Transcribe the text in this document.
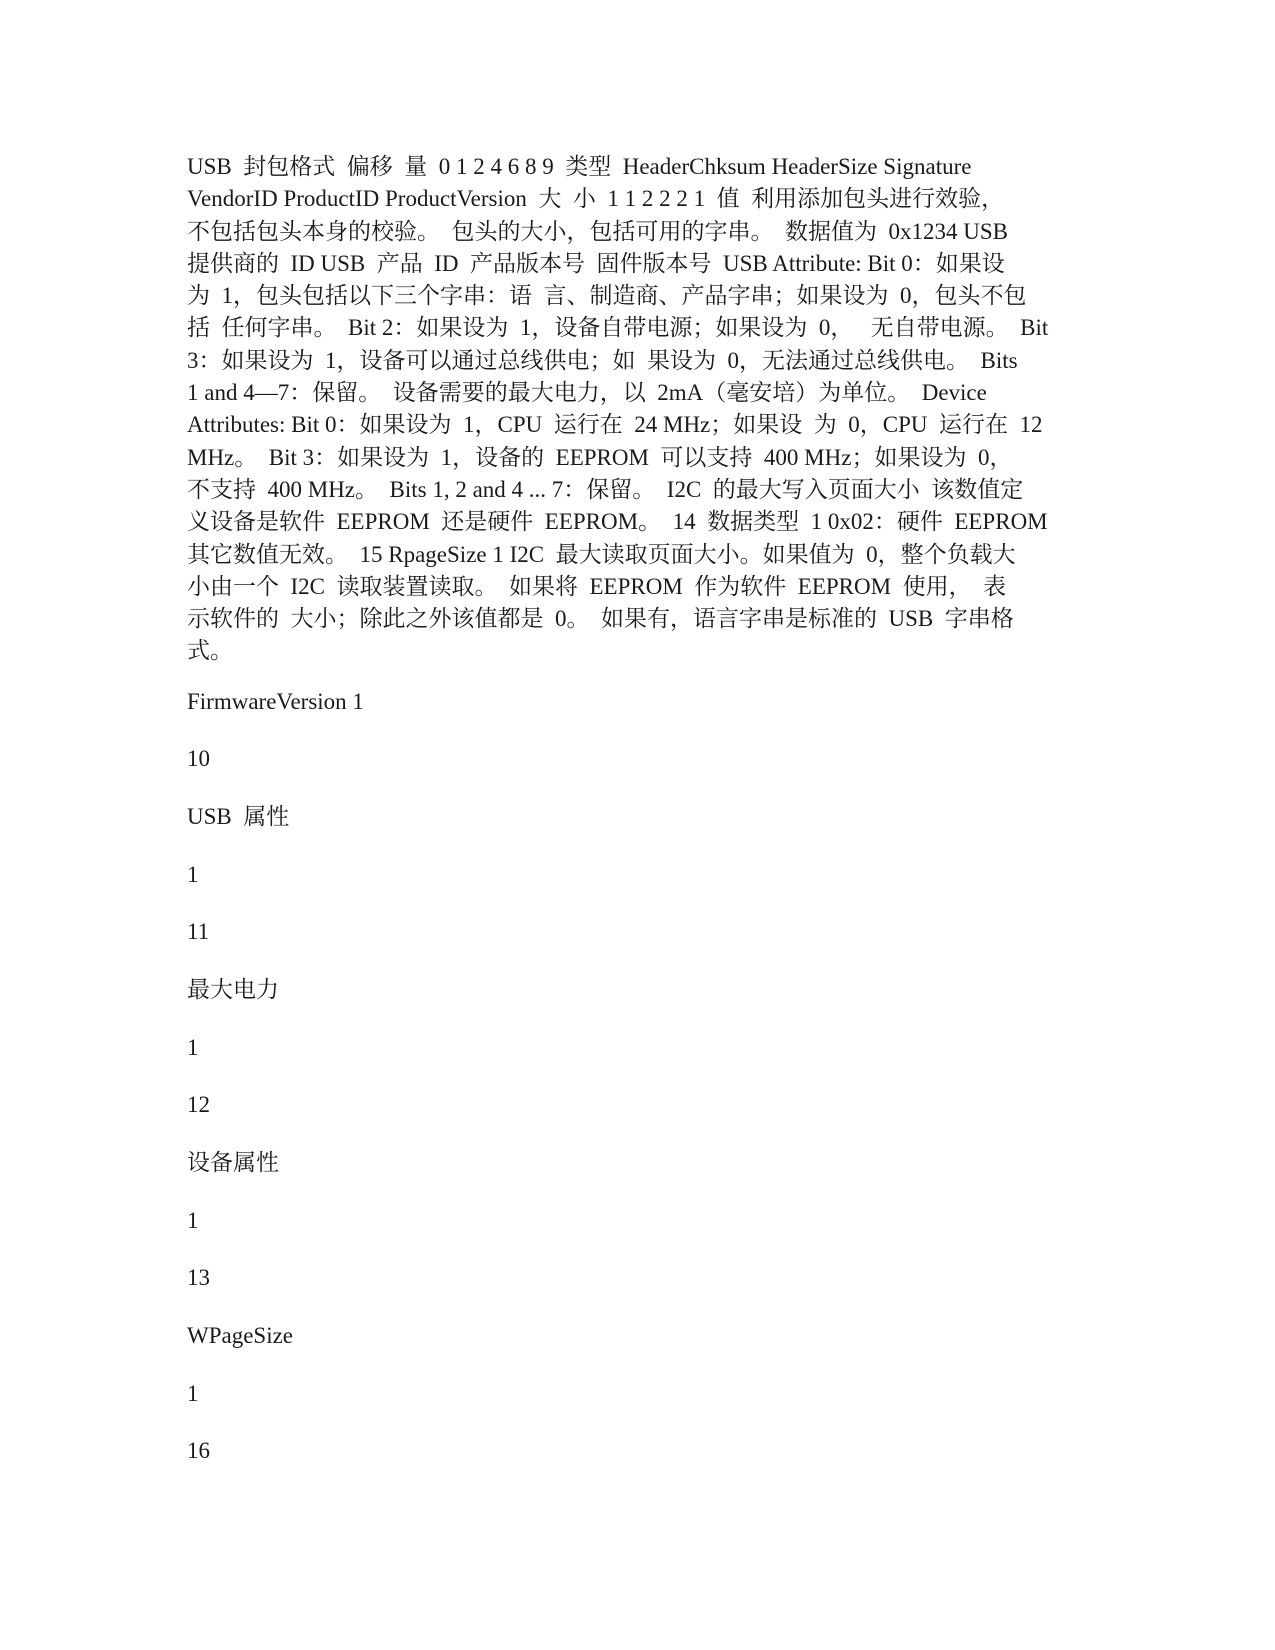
USB  封包格式  偏移  量  0 1 2 4 6 8 9  类型  HeaderChksum HeaderSize Signature
VendorID ProductID ProductVersion  大  小  1 1 2 2 2 1  值  利用添加包头进行效验，
不包括包头本身的校验。  包头的大小，包括可用的字串。  数据值为  0x1234 USB
提供商的  ID USB  产品  ID  产品版本号  固件版本号  USB Attribute: Bit 0：如果设
为  1，包头包括以下三个字串：语  言、制造商、产品字串；如果设为  0，包头不包
括  任何字串。  Bit 2：如果设为  1，设备自带电源；如果设为  0，   无自带电源。  Bit
3：如果设为  1，设备可以通过总线供电；如  果设为  0，无法通过总线供电。  Bits
1 and 4—7：保留。  设备需要的最大电力，以  2mA（毫安培）为单位。  Device
Attributes: Bit 0：如果设为  1，CPU  运行在  24 MHz；如果设  为  0，CPU  运行在  12
MHz。  Bit 3：如果设为  1，设备的  EEPROM  可以支持  400 MHz；如果设为  0，
不支持  400 MHz。  Bits 1, 2 and 4 ... 7：保留。  I2C  的最大写入页面大小  该数值定
义设备是软件  EEPROM  还是硬件  EEPROM。  14  数据类型  1 0x02：硬件  EEPROM
其它数值无效。  15 RpageSize 1 I2C  最大读取页面大小。如果值为  0，整个负载大
小由一个  I2C  读取装置读取。  如果将  EEPROM  作为软件  EEPROM  使用，  表
示软件的  大小；除此之外该值都是  0。  如果有，语言字串是标准的  USB  字串格
式。

FirmwareVersion 1

10

USB  属性

1

11

最大电力

1

12

设备属性

1

13

WPageSize

1

16
